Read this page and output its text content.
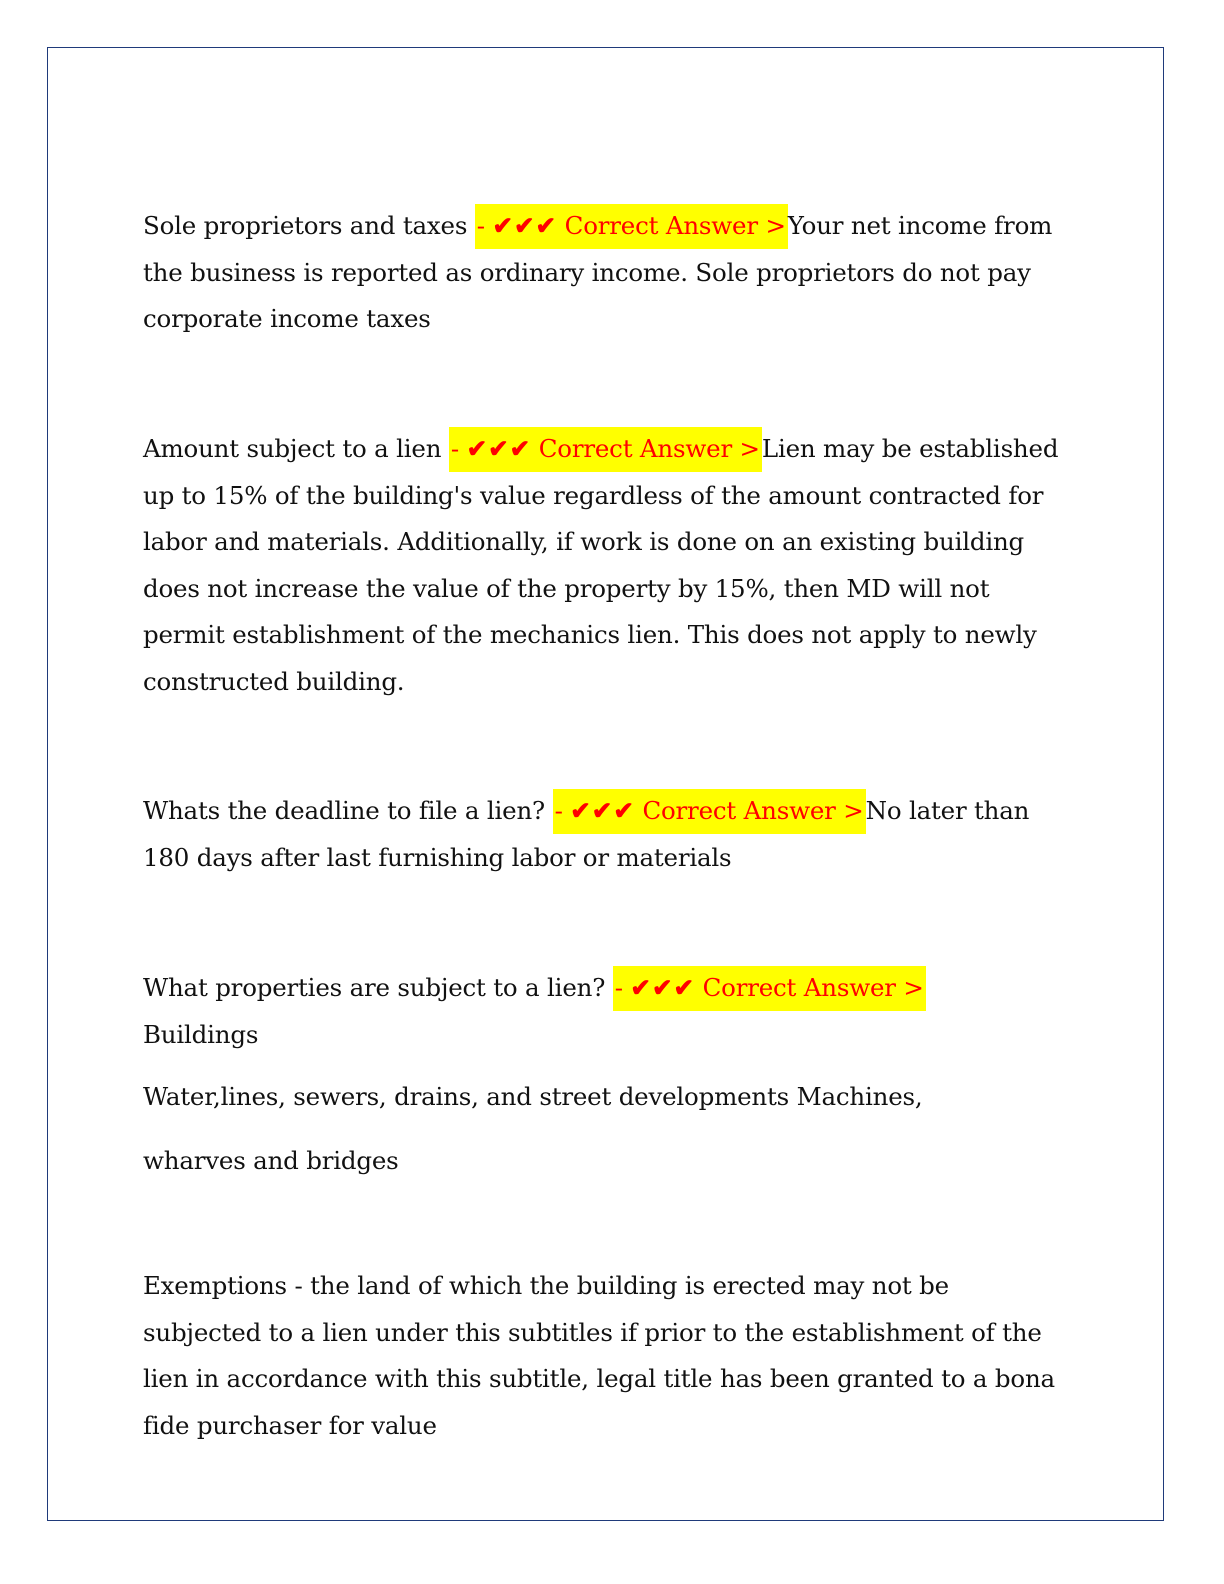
Sole proprietors and taxes - ✔✔✔ Correct Answer >Your net income from the business is reported as ordinary income. Sole proprietors do not pay corporate income taxes
Amount subject to a lien - ✔✔✔ Correct Answer >Lien may be established up to 15% of the building's value regardless of the amount contracted for labor and materials. Additionally, if work is done on an existing building does not increase the value of the property by 15%, then MD will not permit establishment of the mechanics lien. This does not apply to newly constructed building.
Whats the deadline to file a lien? - ✔✔✔ Correct Answer >No later than 180 days after last furnishing labor or materials
What properties are subject to a lien? - ✔✔✔ Correct Answer >
Buildings
Water,lines, sewers, drains, and street developments Machines,
wharves and bridges
Exemptions - the land of which the building is erected may not be subjected to a lien under this subtitles if prior to the establishment of the lien in accordance with this subtitle, legal title has been granted to a bona fide purchaser for value
